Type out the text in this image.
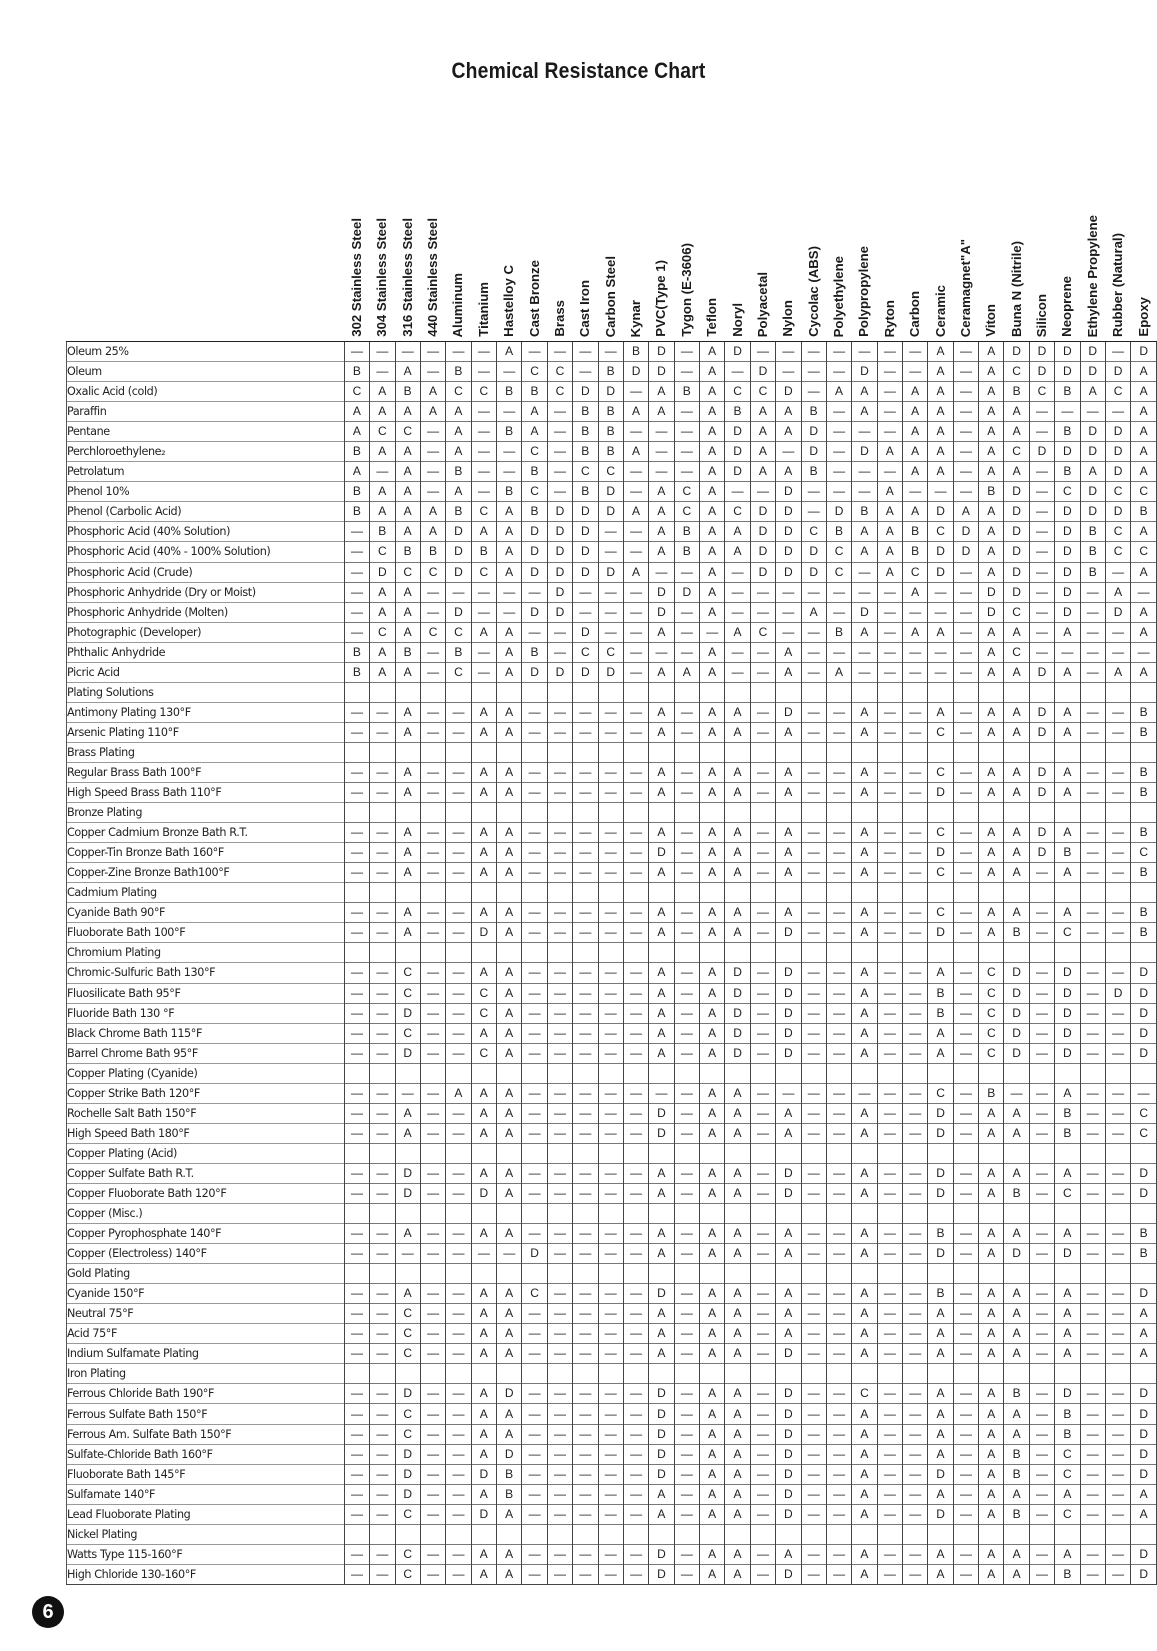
Chemical Resistance Chart

	302 Stainless Steel	304 Stainless Steel	316 Stainless Steel	440 Stainless Steel	Aluminum	Titanium	Hastelloy C	Cast Bronze	Brass	Cast Iron	Carbon Steel	Kynar	PVC(Type 1)	Tygon (E-3606)	Teflon	Noryl	Polyacetal	Nylon	Cycolac (ABS)	Polyethylene	Polypropylene	Ryton	Carbon	Ceramic	Ceramagnet"A"	Viton	Buna N (Nitrile)	Silicon	Neoprene	Ethylene Propylene	Rubber (Natural)	Epoxy

Oleum 25%	—	—	—	—	—	—	A	—	—	—	—	B	D	—	A	D	—	—	—	—	—	—	—	A	—	A	D	D	D	D	—	D
Oleum	B	—	A	—	B	—	—	C	C	—	B	D	D	—	A	—	D	—	—	—	D	—	—	A	—	A	C	D	D	D	D	A
Oxalic Acid (cold)	C	A	B	A	C	C	B	B	C	D	D	—	A	B	A	C	C	D	—	A	A	—	A	A	—	A	B	C	B	A	C	A
Paraffin	A	A	A	A	A	—	—	A	—	B	B	A	A	—	A	B	A	A	B	—	A	—	A	A	—	A	A	—	—	—	—	A
Pentane	A	C	C	—	A	—	B	A	—	B	B	—	—	—	A	D	A	A	D	—	—	—	A	A	—	A	A	—	B	D	D	A
Perchloroethylene₂	B	A	A	—	A	—	—	C	—	B	B	A	—	—	A	D	A	—	D	—	D	A	A	A	—	A	C	D	D	D	D	A
Petrolatum	A	—	A	—	B	—	—	B	—	C	C	—	—	—	A	D	A	A	B	—	—	—	A	A	—	A	A	—	B	A	D	A
Phenol 10%	B	A	A	—	A	—	B	C	—	B	D	—	A	C	A	—	—	D	—	—	—	A	—	—	—	B	D	—	C	D	C	C
Phenol (Carbolic Acid)	B	A	A	A	B	C	A	B	D	D	D	A	A	C	A	C	D	D	—	D	B	A	A	D	A	A	D	—	D	D	D	B
Phosphoric Acid (40% Solution)	—	B	A	A	D	A	A	D	D	D	—	—	A	B	A	A	D	D	C	B	A	A	B	C	D	A	D	—	D	B	C	A
Phosphoric Acid (40% - 100% Solution)	—	C	B	B	D	B	A	D	D	D	—	—	A	B	A	A	D	D	D	C	A	A	B	D	D	A	D	—	D	B	C	C
Phosphoric Acid (Crude)	—	D	C	C	D	C	A	D	D	D	D	A	—	—	A	—	D	D	D	C	—	A	C	D	—	A	D	—	D	B	—	A
Phosphoric Anhydride (Dry or Moist)	—	A	A	—	—	—	—	—	D	—	—	—	D	D	A	—	—	—	—	—	—	—	A	—	—	D	D	—	D	—	A	—
Phosphoric Anhydride (Molten)	—	A	A	—	D	—	—	D	D	—	—	—	D	—	A	—	—	—	A	—	D	—	—	—	—	D	C	—	D	—	D	A
Photographic (Developer)	—	C	A	C	C	A	A	—	—	D	—	—	A	—	—	A	C	—	—	B	A	—	A	A	—	A	A	—	A	—	—	A
Phthalic Anhydride	B	A	B	—	B	—	A	B	—	C	C	—	—	—	A	—	—	A	—	—	—	—	—	—	—	A	C	—	—	—	—	—
Picric Acid	B	A	A	—	C	—	A	D	D	D	D	—	A	A	A	—	—	A	—	A	—	—	—	—	—	A	A	D	A	—	A	A
Plating Solutions																																
Antimony Plating 130°F	—	—	A	—	—	A	A	—	—	—	—	—	A	—	A	A	—	D	—	—	A	—	—	A	—	A	A	D	A	—	—	B
Arsenic Plating 110°F	—	—	A	—	—	A	A	—	—	—	—	—	A	—	A	A	—	A	—	—	A	—	—	C	—	A	A	D	A	—	—	B
Brass Plating																																
Regular Brass Bath 100°F	—	—	A	—	—	A	A	—	—	—	—	—	A	—	A	A	—	A	—	—	A	—	—	C	—	A	A	D	A	—	—	B
High Speed Brass Bath 110°F	—	—	A	—	—	A	A	—	—	—	—	—	A	—	A	A	—	A	—	—	A	—	—	D	—	A	A	D	A	—	—	B
Bronze Plating																																
Copper Cadmium Bronze Bath R.T.	—	—	A	—	—	A	A	—	—	—	—	—	A	—	A	A	—	A	—	—	A	—	—	C	—	A	A	D	A	—	—	B
Copper-Tin Bronze Bath 160°F	—	—	A	—	—	A	A	—	—	—	—	—	D	—	A	A	—	A	—	—	A	—	—	D	—	A	A	D	B	—	—	C
Copper-Zine Bronze Bath100°F	—	—	A	—	—	A	A	—	—	—	—	—	A	—	A	A	—	A	—	—	A	—	—	C	—	A	A	—	A	—	—	B
Cadmium Plating																																
Cyanide Bath 90°F	—	—	A	—	—	A	A	—	—	—	—	—	A	—	A	A	—	A	—	—	A	—	—	C	—	A	A	—	A	—	—	B
Fluoborate Bath 100°F	—	—	A	—	—	D	A	—	—	—	—	—	A	—	A	A	—	D	—	—	A	—	—	D	—	A	B	—	C	—	—	B
Chromium Plating																																
Chromic-Sulfuric Bath 130°F	—	—	C	—	—	A	A	—	—	—	—	—	A	—	A	D	—	D	—	—	A	—	—	A	—	C	D	—	D	—	—	D
Fluosilicate Bath 95°F	—	—	C	—	—	C	A	—	—	—	—	—	A	—	A	D	—	D	—	—	A	—	—	B	—	C	D	—	D	—	D	D
Fluoride Bath 130 °F	—	—	D	—	—	C	A	—	—	—	—	—	A	—	A	D	—	D	—	—	A	—	—	B	—	C	D	—	D	—	—	D
Black Chrome Bath 115°F	—	—	C	—	—	A	A	—	—	—	—	—	A	—	A	D	—	D	—	—	A	—	—	A	—	C	D	—	D	—	—	D
Barrel Chrome Bath 95°F	—	—	D	—	—	C	A	—	—	—	—	—	A	—	A	D	—	D	—	—	A	—	—	A	—	C	D	—	D	—	—	D
Copper Plating (Cyanide)																																
Copper Strike Bath 120°F	—	—	—	—	A	A	A	—	—	—	—	—	—	—	A	A	—	—	—	—	—	—	—	C	—	B	—	—	A	—	—	—
Rochelle Salt Bath 150°F	—	—	A	—	—	A	A	—	—	—	—	—	D	—	A	A	—	A	—	—	A	—	—	D	—	A	A	—	B	—	—	C
High Speed Bath 180°F	—	—	A	—	—	A	A	—	—	—	—	—	D	—	A	A	—	A	—	—	A	—	—	D	—	A	A	—	B	—	—	C
Copper Plating (Acid)																																
Copper Sulfate Bath R.T.	—	—	D	—	—	A	A	—	—	—	—	—	A	—	A	A	—	D	—	—	A	—	—	D	—	A	A	—	A	—	—	D
Copper Fluoborate Bath 120°F	—	—	D	—	—	D	A	—	—	—	—	—	A	—	A	A	—	D	—	—	A	—	—	D	—	A	B	—	C	—	—	D
Copper (Misc.)																																
Copper Pyrophosphate 140°F	—	—	A	—	—	A	A	—	—	—	—	—	A	—	A	A	—	A	—	—	A	—	—	B	—	A	A	—	A	—	—	B
Copper (Electroless) 140°F	—	—	—	—	—	—	—	D	—	—	—	—	A	—	A	A	—	A	—	—	A	—	—	D	—	A	D	—	D	—	—	B
Gold Plating																																
Cyanide 150°F	—	—	A	—	—	A	A	C	—	—	—	—	D	—	A	A	—	A	—	—	A	—	—	B	—	A	A	—	A	—	—	D
Neutral 75°F	—	—	C	—	—	A	A	—	—	—	—	—	A	—	A	A	—	A	—	—	A	—	—	A	—	A	A	—	A	—	—	A
Acid 75°F	—	—	C	—	—	A	A	—	—	—	—	—	A	—	A	A	—	A	—	—	A	—	—	A	—	A	A	—	A	—	—	A
Indium Sulfamate Plating	—	—	C	—	—	A	A	—	—	—	—	—	A	—	A	A	—	D	—	—	A	—	—	A	—	A	A	—	A	—	—	A
Iron Plating																																
Ferrous Chloride Bath 190°F	—	—	D	—	—	A	D	—	—	—	—	—	D	—	A	A	—	D	—	—	C	—	—	A	—	A	B	—	D	—	—	D
Ferrous Sulfate Bath 150°F	—	—	C	—	—	A	A	—	—	—	—	—	D	—	A	A	—	D	—	—	A	—	—	A	—	A	A	—	B	—	—	D
Ferrous Am. Sulfate Bath 150°F	—	—	C	—	—	A	A	—	—	—	—	—	D	—	A	A	—	D	—	—	A	—	—	A	—	A	A	—	B	—	—	D
Sulfate-Chloride Bath 160°F	—	—	D	—	—	A	D	—	—	—	—	—	D	—	A	A	—	D	—	—	A	—	—	A	—	A	B	—	C	—	—	D
Fluoborate Bath 145°F	—	—	D	—	—	D	B	—	—	—	—	—	D	—	A	A	—	D	—	—	A	—	—	D	—	A	B	—	C	—	—	D
Sulfamate 140°F	—	—	D	—	—	A	B	—	—	—	—	—	A	—	A	A	—	D	—	—	A	—	—	A	—	A	A	—	A	—	—	A
Lead Fluoborate Plating	—	—	C	—	—	D	A	—	—	—	—	—	A	—	A	A	—	D	—	—	A	—	—	D	—	A	B	—	C	—	—	A
Nickel Plating																																
Watts Type 115-160°F	—	—	C	—	—	A	A	—	—	—	—	—	D	—	A	A	—	A	—	—	A	—	—	A	—	A	A	—	A	—	—	D
High Chloride 130-160°F	—	—	C	—	—	A	A	—	—	—	—	—	D	—	A	A	—	D	—	—	A	—	—	A	—	A	A	—	B	—	—	D
6
